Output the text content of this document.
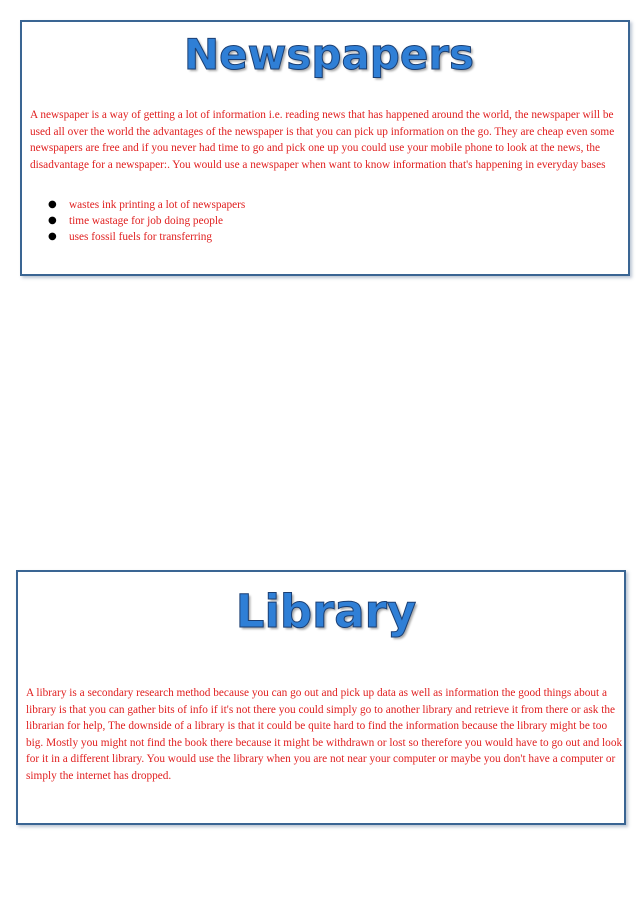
Newspapers

A newspaper is a way of getting a lot of information i.e. reading news that has happened around the world, the newspaper will be used all over the world the advantages of the newspaper is that you can pick up information on the go. They are cheap even some newspapers are free and if you never had time to go and pick one up you could use your mobile phone to look at the news, the disadvantage for a newspaper:. You would use a newspaper when want to know information that's happening in everyday bases

● wastes ink printing a lot of newspapers
● time wastage for job doing people
● uses fossil fuels for transferring
Library

A library is a secondary research method because you can go out and pick up data as well as information the good things about a library is that you can gather bits of info if it's not there you could simply go to another library and retrieve it from there or ask the librarian for help, The downside of a library is that it could be quite hard to find the information because the library might be too big. Mostly you might not find the book there because it might be withdrawn or lost so therefore you would have to go out and look for it in a different library. You would use the library when you are not near your computer or maybe you don't have a computer or simply the internet has dropped.
